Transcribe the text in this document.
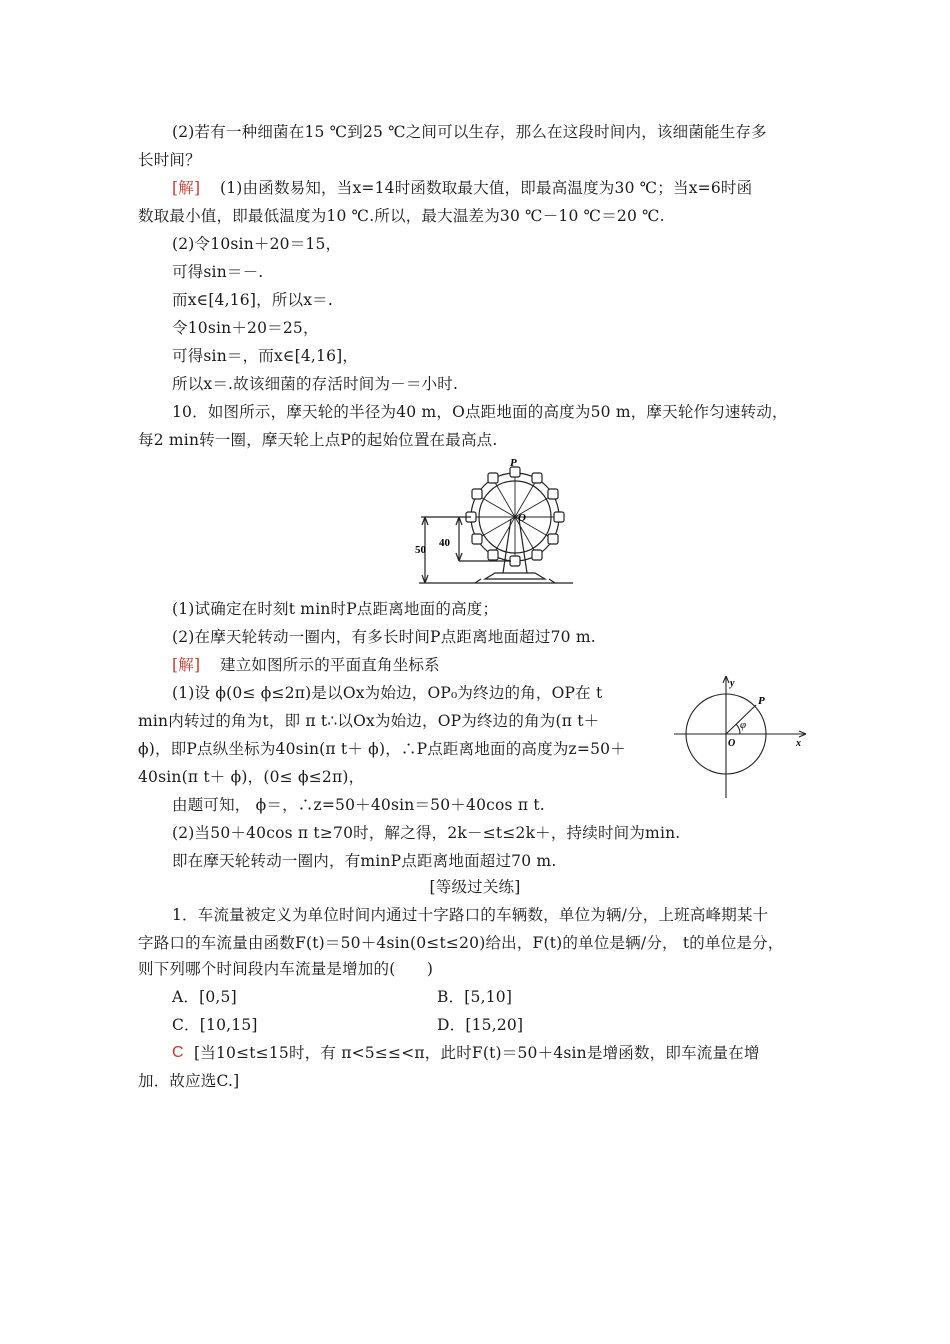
(2)若有一种细菌在15 ℃到25 ℃之间可以生存，那么在这段时间内，该细菌能生存多
长时间？
[解] (1)由函数易知，当x=14时函数取最大值，即最高温度为30 ℃；当x=6时函
数取最小值，即最低温度为10 ℃.所以，最大温差为30 ℃－10 ℃＝20 ℃.
(2)令10sin＋20＝15，
可得sin＝－.
而x∈[4,16]，所以x＝.
令10sin＋20＝25，
可得sin＝，而x∈[4,16]，
所以x＝.故该细菌的存活时间为－＝小时.
10．如图所示，摩天轮的半径为40 m，O点距地面的高度为50 m，摩天轮作匀速转动，
每2 min转一圈，摩天轮上点P的起始位置在最高点.
P
O
40
50
(1)试确定在时刻t min时P点距离地面的高度；
(2)在摩天轮转动一圈内，有多长时间P点距离地面超过70 m.
[解] 建立如图所示的平面直角坐标系
(1)设 ϕ(0≤ ϕ≤2π)是以Ox为始边，OP₀为终边的角，OP在 t
min内转过的角为t，即 π t∴以Ox为始边，OP为终边的角为(π t＋
ϕ)，即P点纵坐标为40sin(π t＋ ϕ)，∴P点距离地面的高度为z=50＋
40sin(π t＋ ϕ)，(0≤ ϕ≤2π)，
y
x
P
O
φ
由题可知， ϕ＝，∴z=50＋40sin＝50＋40cos π t.
(2)当50＋40cos π t≥70时，解之得，2k－≤t≤2k＋，持续时间为min.
即在摩天轮转动一圈内，有minP点距离地面超过70 m.
[等级过关练]
1．车流量被定义为单位时间内通过十字路口的车辆数，单位为辆/分，上班高峰期某十
字路口的车流量由函数F(t)＝50＋4sin(0≤t≤20)给出，F(t)的单位是辆/分， t的单位是分，
则下列哪个时间段内车流量是增加的(　　)
A．[0,5]	B．[5,10]
C．[10,15]	D．[15,20]
C [当10≤t≤15时，有 π<5≤≤<π，此时F(t)＝50＋4sin是增函数，即车流量在增
加．故应选C.]
